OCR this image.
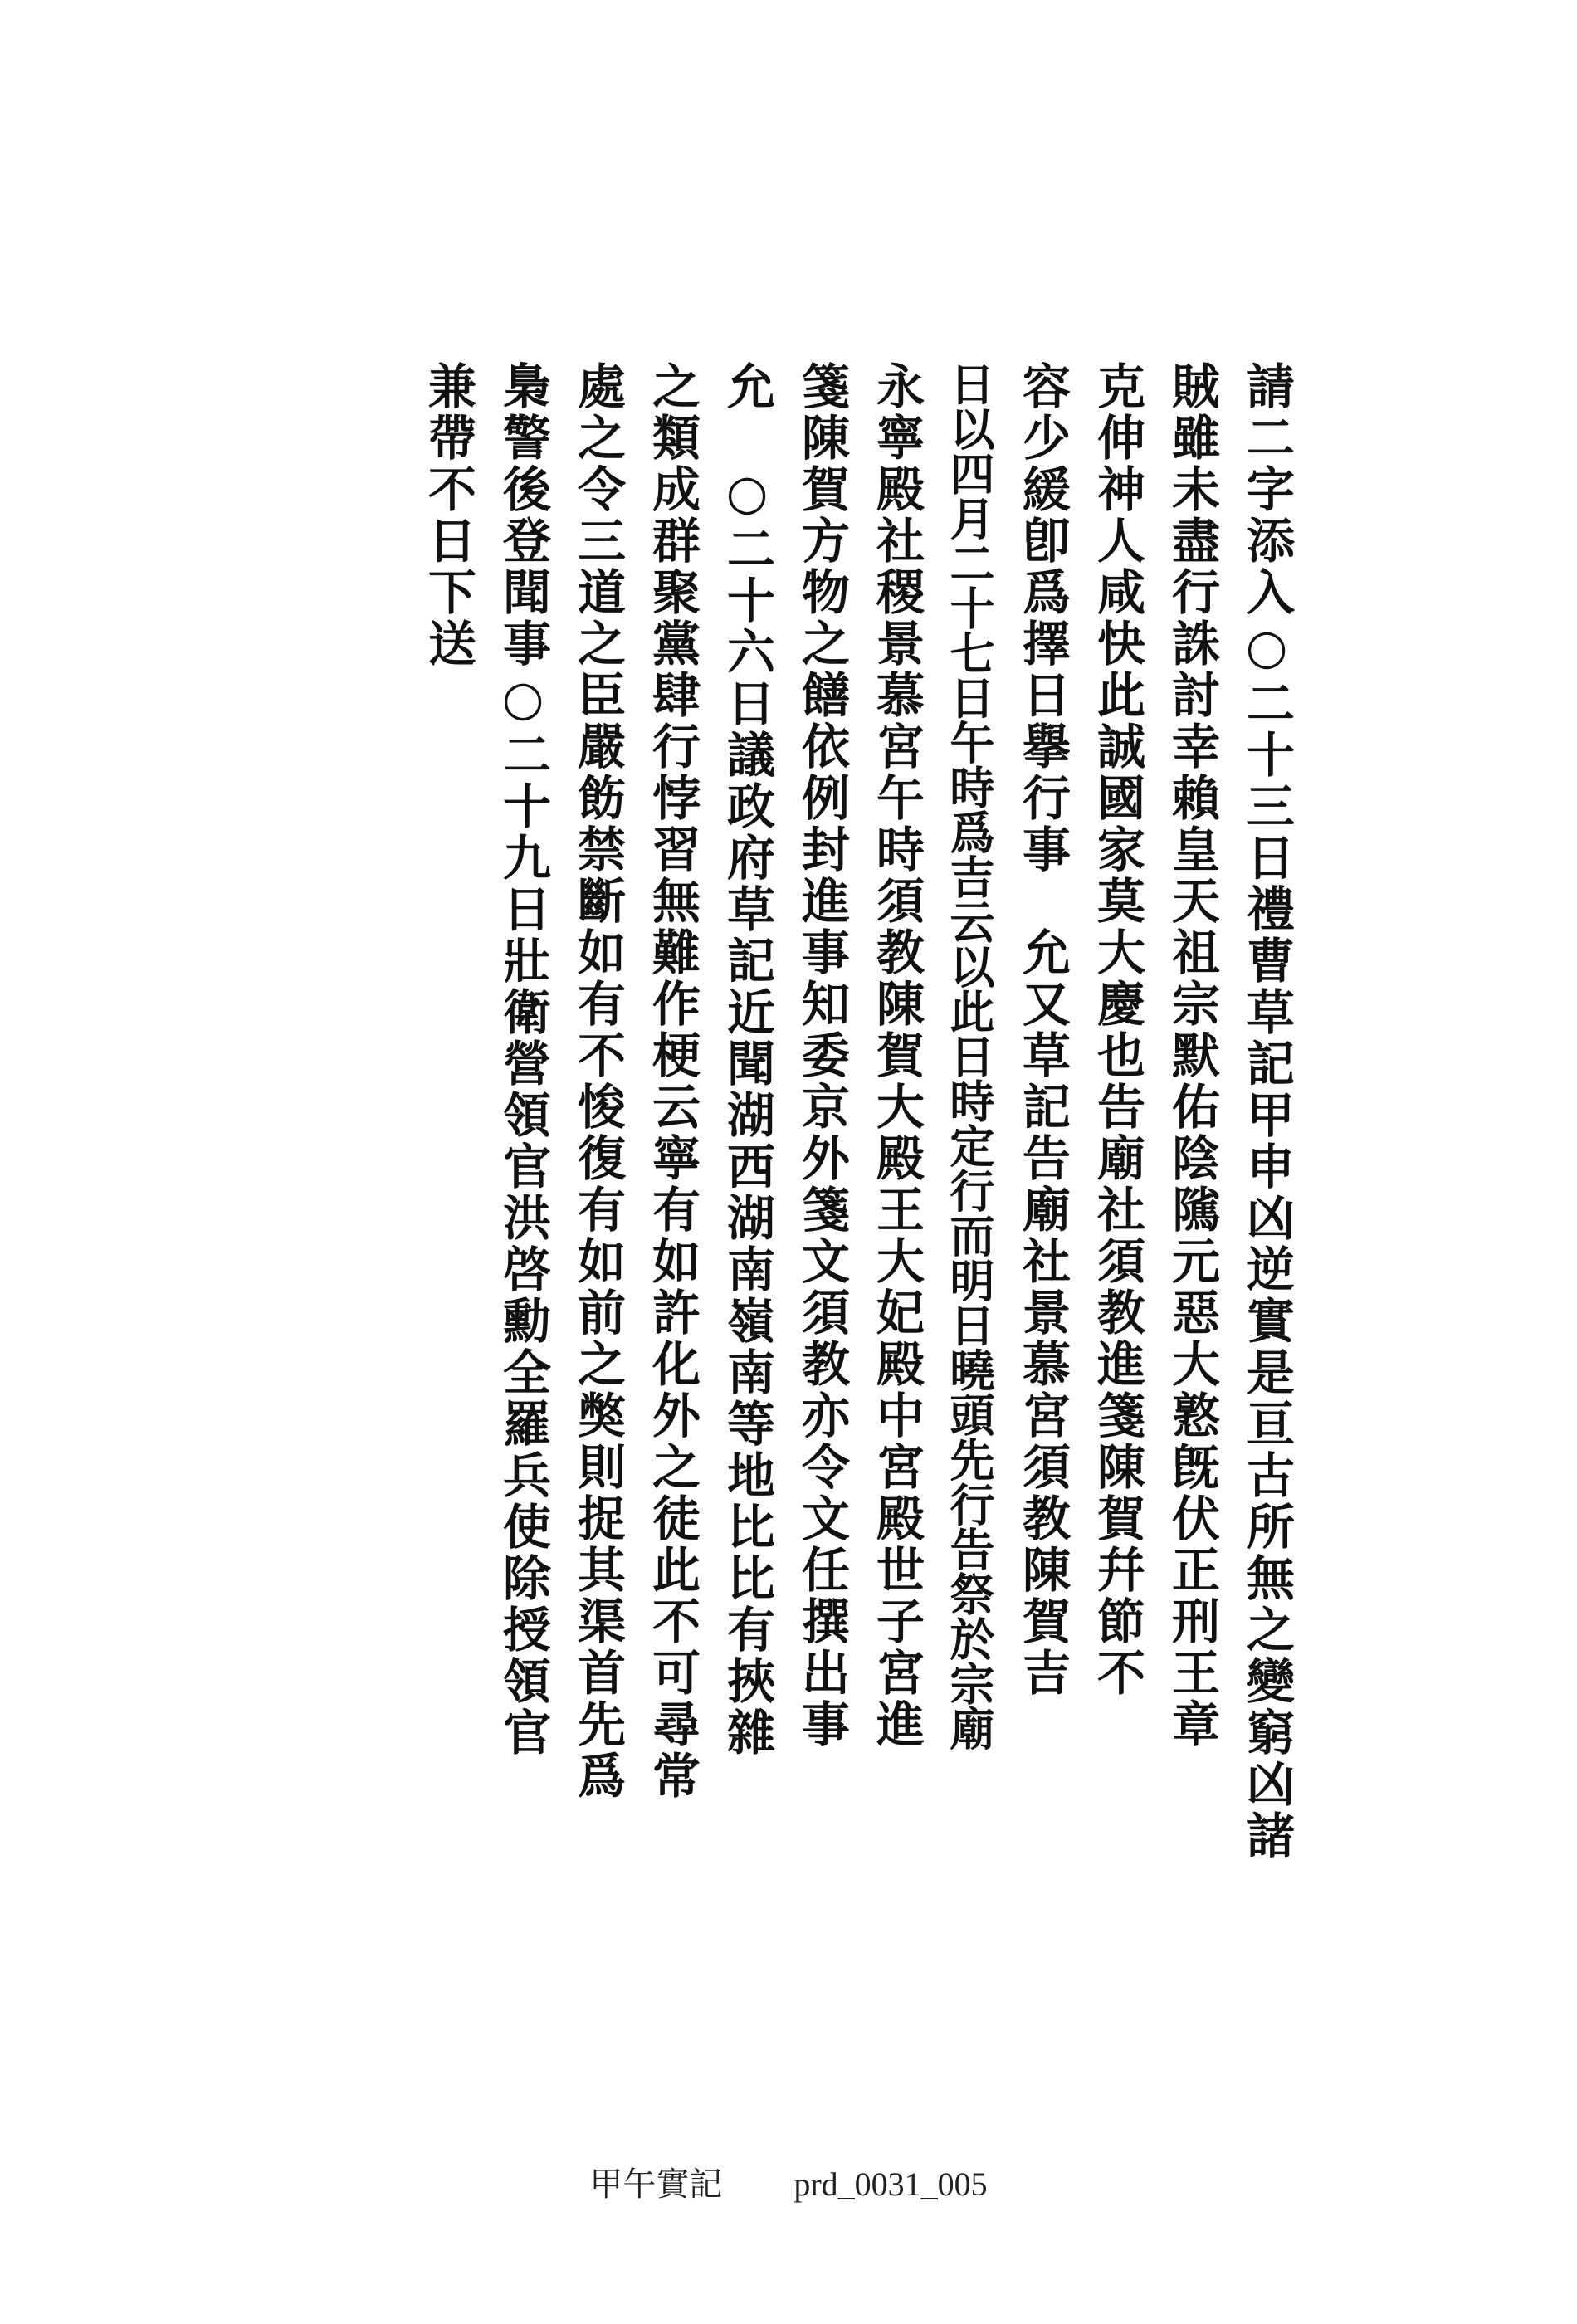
請二字添入○二十三日禮曹草記甲申凶逆實是亘古所無之變窮凶諸
賊雖未盡行誅討幸賴皇天祖宗默佑陰隲元惡大憝旣伏正刑王章
克伸神人咸快此誠國家莫大慶也告廟社須教進箋陳賀幷節不
容少緩卽爲擇日擧行事　允又草記告廟社景慕宮須教陳賀吉
日以四月二十七日午時爲吉云以此日時定行而明日曉頭先行告祭於宗廟
永寧殿社稷景慕宮午時須教陳賀大殿王大妃殿中宮殿世子宮進
箋陳賀方物之饍依例封進事知委京外箋文須教亦令文任撰出事
允　○二十六日議政府草記近聞湖西湖南嶺南等地比比有挾雜
之類成群聚黨肆行悖習無難作梗云寧有如許化外之徒此不可尋常
處之令三道之臣嚴飭禁斷如有不悛復有如前之獘則捉其渠首先爲
梟警後登聞事○二十九日壯衛營領官洪啓勳全羅兵使除授領官
兼帶不日下送
甲午實記 prd_0031_005
